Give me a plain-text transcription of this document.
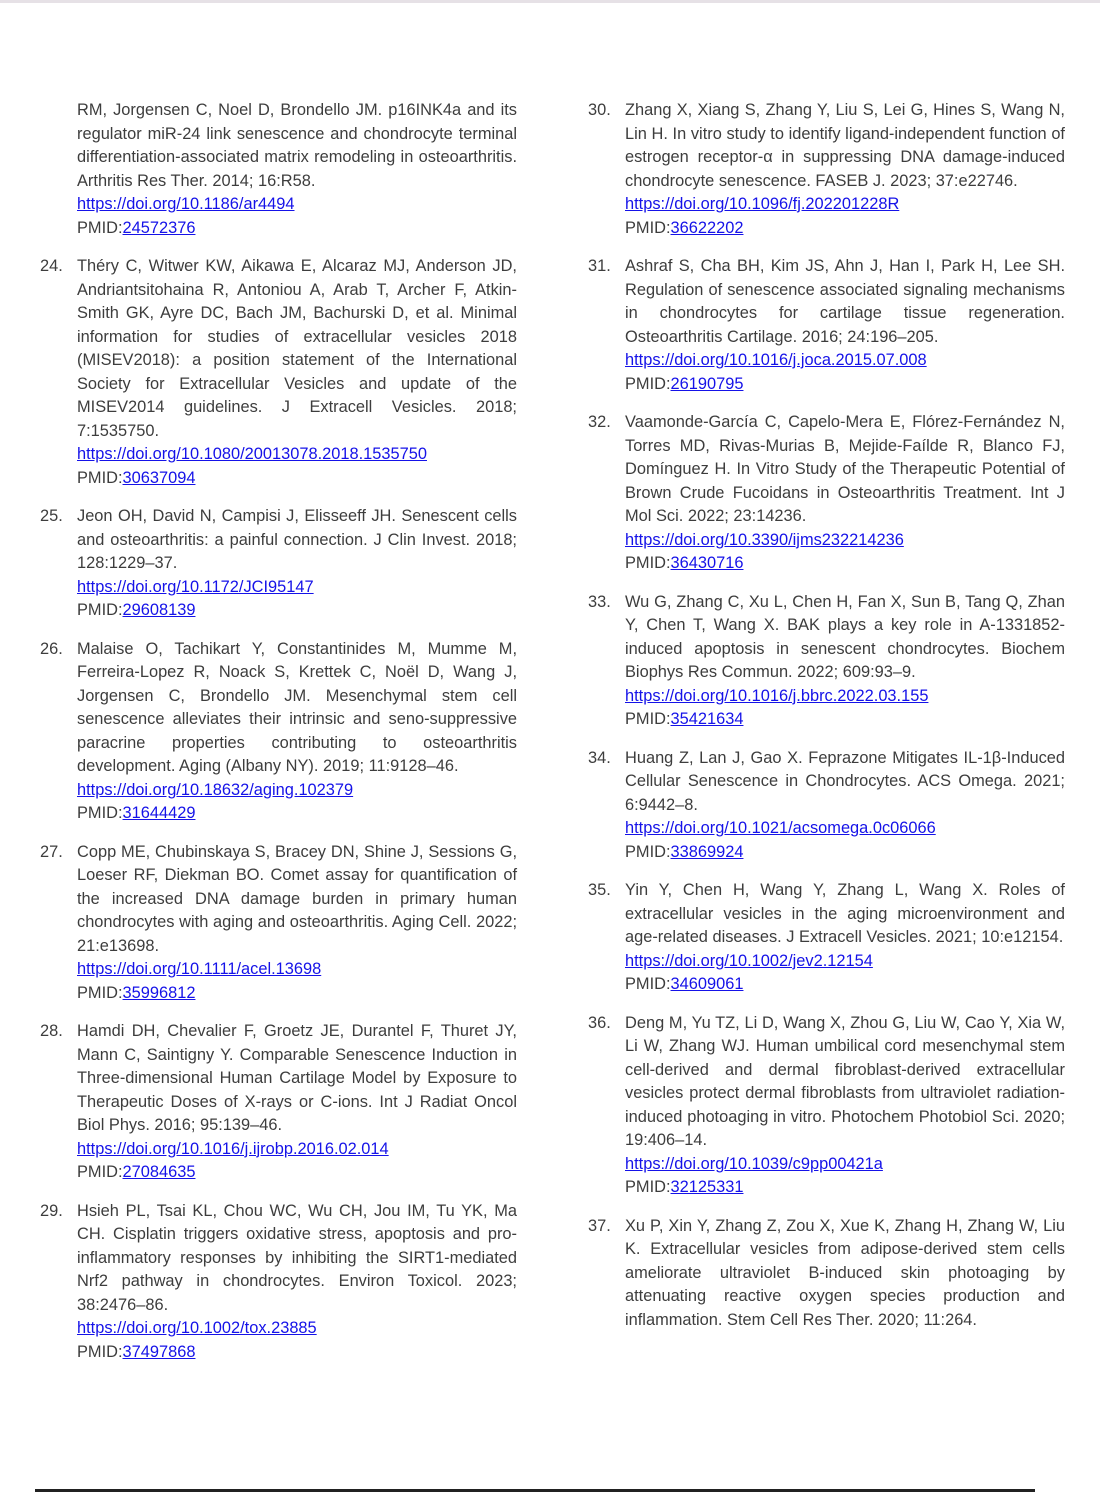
RM, Jorgensen C, Noel D, Brondello JM. p16INK4a and its regulator miR-24 link senescence and chondrocyte terminal differentiation-associated matrix remodeling in osteoarthritis. Arthritis Res Ther. 2014; 16:R58.
https://doi.org/10.1186/ar4494
PMID:24572376
24. Théry C, Witwer KW, Aikawa E, Alcaraz MJ, Anderson JD, Andriantsitohaina R, Antoniou A, Arab T, Archer F, Atkin-Smith GK, Ayre DC, Bach JM, Bachurski D, et al. Minimal information for studies of extracellular vesicles 2018 (MISEV2018): a position statement of the International Society for Extracellular Vesicles and update of the MISEV2014 guidelines. J Extracell Vesicles. 2018; 7:1535750.
https://doi.org/10.1080/20013078.2018.1535750
PMID:30637094
25. Jeon OH, David N, Campisi J, Elisseeff JH. Senescent cells and osteoarthritis: a painful connection. J Clin Invest. 2018; 128:1229–37.
https://doi.org/10.1172/JCI95147
PMID:29608139
26. Malaise O, Tachikart Y, Constantinides M, Mumme M, Ferreira-Lopez R, Noack S, Krettek C, Noël D, Wang J, Jorgensen C, Brondello JM. Mesenchymal stem cell senescence alleviates their intrinsic and seno-suppressive paracrine properties contributing to osteoarthritis development. Aging (Albany NY). 2019; 11:9128–46.
https://doi.org/10.18632/aging.102379
PMID:31644429
27. Copp ME, Chubinskaya S, Bracey DN, Shine J, Sessions G, Loeser RF, Diekman BO. Comet assay for quantification of the increased DNA damage burden in primary human chondrocytes with aging and osteoarthritis. Aging Cell. 2022; 21:e13698.
https://doi.org/10.1111/acel.13698
PMID:35996812
28. Hamdi DH, Chevalier F, Groetz JE, Durantel F, Thuret JY, Mann C, Saintigny Y. Comparable Senescence Induction in Three-dimensional Human Cartilage Model by Exposure to Therapeutic Doses of X-rays or C-ions. Int J Radiat Oncol Biol Phys. 2016; 95:139–46.
https://doi.org/10.1016/j.ijrobp.2016.02.014
PMID:27084635
29. Hsieh PL, Tsai KL, Chou WC, Wu CH, Jou IM, Tu YK, Ma CH. Cisplatin triggers oxidative stress, apoptosis and pro-inflammatory responses by inhibiting the SIRT1-mediated Nrf2 pathway in chondrocytes. Environ Toxicol. 2023; 38:2476–86.
https://doi.org/10.1002/tox.23885
PMID:37497868
30. Zhang X, Xiang S, Zhang Y, Liu S, Lei G, Hines S, Wang N, Lin H. In vitro study to identify ligand-independent function of estrogen receptor-α in suppressing DNA damage-induced chondrocyte senescence. FASEB J. 2023; 37:e22746.
https://doi.org/10.1096/fj.202201228R
PMID:36622202
31. Ashraf S, Cha BH, Kim JS, Ahn J, Han I, Park H, Lee SH. Regulation of senescence associated signaling mechanisms in chondrocytes for cartilage tissue regeneration. Osteoarthritis Cartilage. 2016; 24:196–205.
https://doi.org/10.1016/j.joca.2015.07.008
PMID:26190795
32. Vaamonde-García C, Capelo-Mera E, Flórez-Fernández N, Torres MD, Rivas-Murias B, Mejide-Faílde R, Blanco FJ, Domínguez H. In Vitro Study of the Therapeutic Potential of Brown Crude Fucoidans in Osteoarthritis Treatment. Int J Mol Sci. 2022; 23:14236.
https://doi.org/10.3390/ijms232214236
PMID:36430716
33. Wu G, Zhang C, Xu L, Chen H, Fan X, Sun B, Tang Q, Zhan Y, Chen T, Wang X. BAK plays a key role in A-1331852-induced apoptosis in senescent chondrocytes. Biochem Biophys Res Commun. 2022; 609:93–9.
https://doi.org/10.1016/j.bbrc.2022.03.155
PMID:35421634
34. Huang Z, Lan J, Gao X. Feprazone Mitigates IL-1β-Induced Cellular Senescence in Chondrocytes. ACS Omega. 2021; 6:9442–8.
https://doi.org/10.1021/acsomega.0c06066
PMID:33869924
35. Yin Y, Chen H, Wang Y, Zhang L, Wang X. Roles of extracellular vesicles in the aging microenvironment and age-related diseases. J Extracell Vesicles. 2021; 10:e12154.
https://doi.org/10.1002/jev2.12154
PMID:34609061
36. Deng M, Yu TZ, Li D, Wang X, Zhou G, Liu W, Cao Y, Xia W, Li W, Zhang WJ. Human umbilical cord mesenchymal stem cell-derived and dermal fibroblast-derived extracellular vesicles protect dermal fibroblasts from ultraviolet radiation-induced photoaging in vitro. Photochem Photobiol Sci. 2020; 19:406–14.
https://doi.org/10.1039/c9pp00421a
PMID:32125331
37. Xu P, Xin Y, Zhang Z, Zou X, Xue K, Zhang H, Zhang W, Liu K. Extracellular vesicles from adipose-derived stem cells ameliorate ultraviolet B-induced skin photoaging by attenuating reactive oxygen species production and inflammation. Stem Cell Res Ther. 2020; 11:264.
